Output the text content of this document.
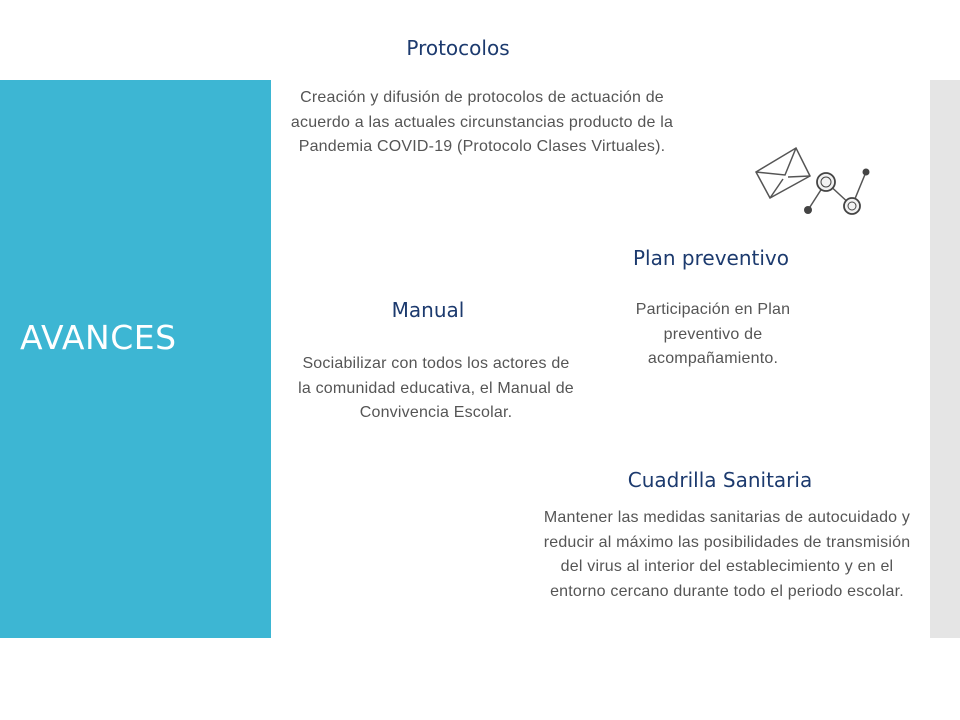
AVANCES
Protocolos
Creación y difusión de protocolos de actuación de acuerdo a las actuales circunstancias producto de la Pandemia COVID-19 (Protocolo Clases Virtuales).
Plan preventivo
Participación en Plan preventivo de acompañamiento.
Manual
Sociabilizar con todos los actores de la comunidad educativa, el Manual de Convivencia Escolar.
Cuadrilla Sanitaria
Mantener las medidas sanitarias de autocuidado y reducir al máximo las posibilidades de transmisión del virus al interior del establecimiento y en el entorno cercano durante todo el periodo escolar.
